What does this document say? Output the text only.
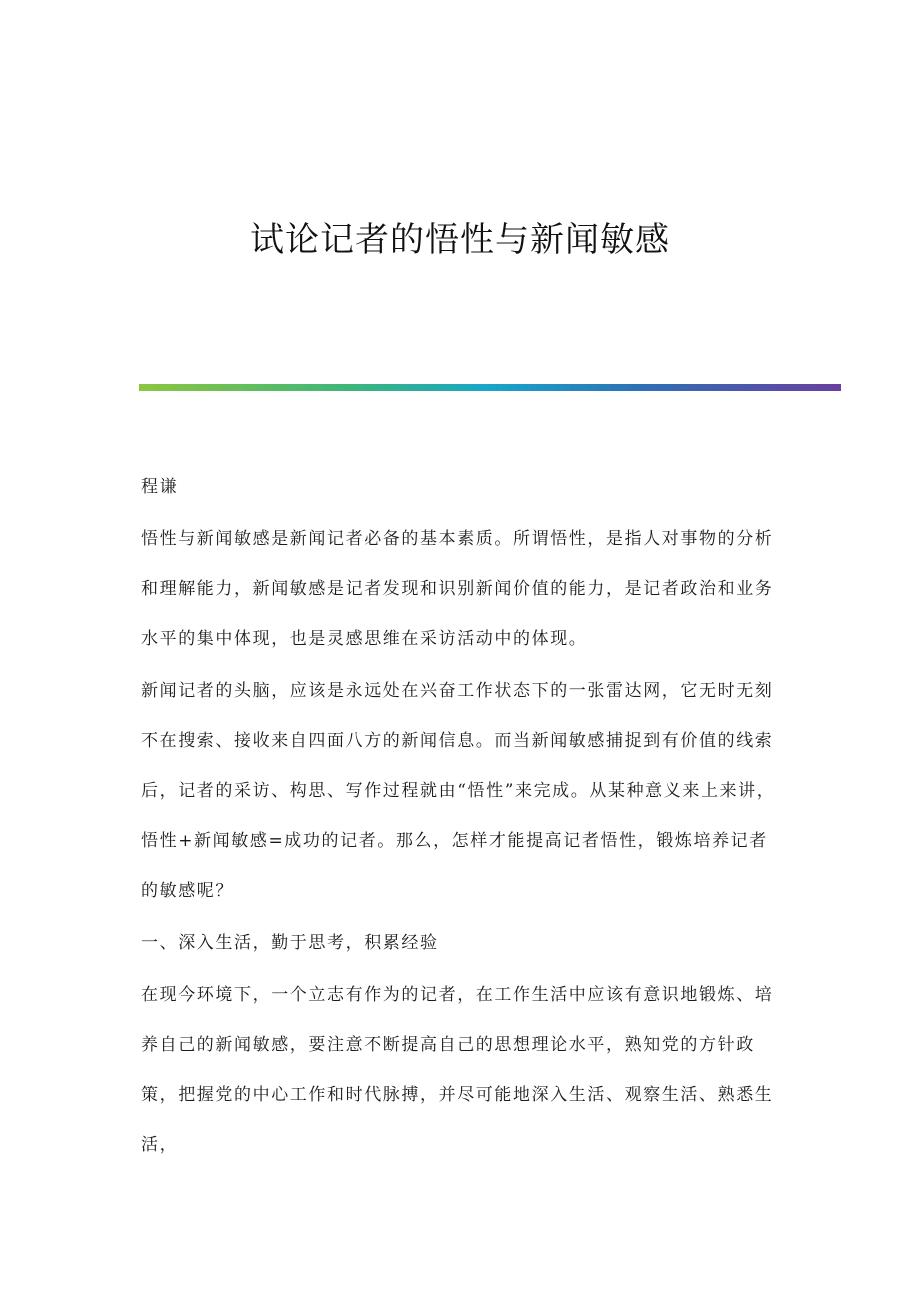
试论记者的悟性与新闻敏感

程谦

悟性与新闻敏感是新闻记者必备的基本素质。所谓悟性，是指人对事物的分析和理解能力，新闻敏感是记者发现和识别新闻价值的能力，是记者政治和业务水平的集中体现，也是灵感思维在采访活动中的体现。

新闻记者的头脑，应该是永远处在兴奋工作状态下的一张雷达网，它无时无刻不在搜索、接收来自四面八方的新闻信息。而当新闻敏感捕捉到有价值的线索后，记者的采访、构思、写作过程就由“悟性”来完成。从某种意义来上来讲，悟性+新闻敏感=成功的记者。那么，怎样才能提高记者悟性，锻炼培养记者的敏感呢？

一、深入生活，勤于思考，积累经验

在现今环境下，一个立志有作为的记者，在工作生活中应该有意识地锻炼、培养自己的新闻敏感，要注意不断提高自己的思想理论水平，熟知党的方针政策，把握党的中心工作和时代脉搏，并尽可能地深入生活、观察生活、熟悉生活，
